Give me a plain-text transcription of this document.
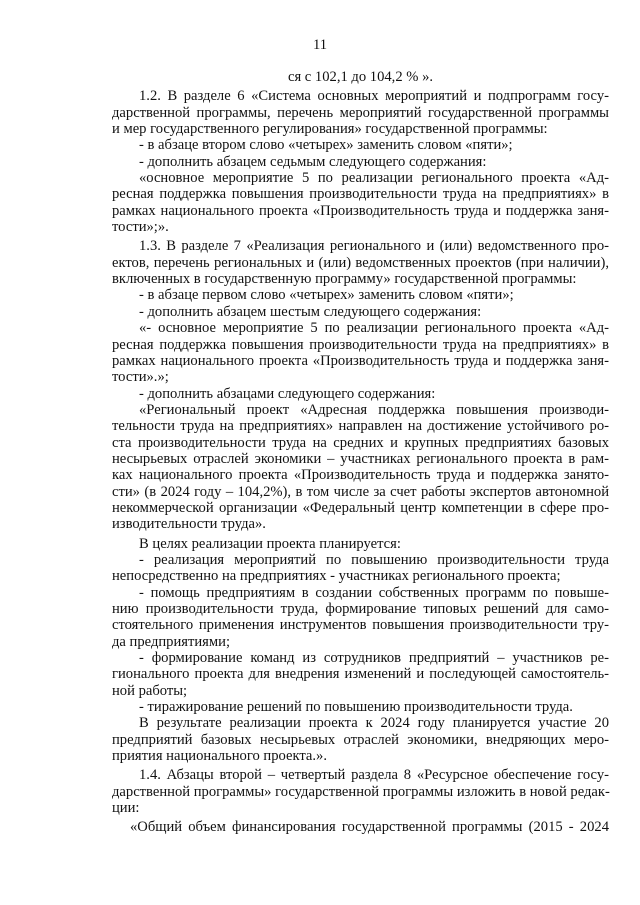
11
ся с 102,1 до 104,2 % ».
1.2. В разделе 6 «Система основных мероприятий и подпрограмм госу-
дарственной программы, перечень мероприятий государственной программы
и мер государственного регулирования» государственной программы:
- в абзаце втором слово «четырех» заменить словом «пяти»;
- дополнить абзацем седьмым следующего содержания:
«основное мероприятие 5 по реализации регионального проекта «Ад-
ресная поддержка повышения производительности труда на предприятиях» в
рамках национального проекта «Производительность труда и поддержка заня-
тости»;».
1.3. В разделе 7 «Реализация регионального и (или) ведомственного про-
ектов, перечень региональных и (или) ведомственных проектов (при наличии),
включенных в государственную программу» государственной программы:
- в абзаце первом слово «четырех» заменить словом «пяти»;
- дополнить абзацем шестым следующего содержания:
«- основное мероприятие 5 по реализации регионального проекта «Ад-
ресная поддержка повышения производительности труда на предприятиях» в
рамках национального проекта «Производительность труда и поддержка заня-
тости».»;
- дополнить абзацами следующего содержания:
«Региональный проект «Адресная поддержка повышения производи-
тельности труда на предприятиях» направлен на достижение устойчивого ро-
ста производительности труда на средних и крупных предприятиях базовых
несырьевых отраслей экономики – участниках регионального проекта в рам-
ках национального проекта «Производительность труда и поддержка занято-
сти» (в 2024 году – 104,2%), в том числе за счет работы экспертов автономной
некоммерческой организации «Федеральный центр компетенции в сфере про-
изводительности труда».
В целях реализации проекта планируется:
- реализация мероприятий по повышению производительности труда
непосредственно на предприятиях - участниках регионального проекта;
- помощь предприятиям в создании собственных программ по повыше-
нию производительности труда, формирование типовых решений для само-
стоятельного применения инструментов повышения производительности тру-
да предприятиями;
- формирование команд из сотрудников предприятий – участников ре-
гионального проекта для внедрения изменений и последующей самостоятель-
ной работы;
- тиражирование решений по повышению производительности труда.
В результате реализации проекта к 2024 году планируется участие 20
предприятий базовых несырьевых отраслей экономики, внедряющих меро-
приятия национального проекта.».
1.4. Абзацы второй – четвертый раздела 8 «Ресурсное обеспечение госу-
дарственной программы» государственной программы изложить в новой редак-
ции:
«Общий объем финансирования государственной программы (2015 - 2024
